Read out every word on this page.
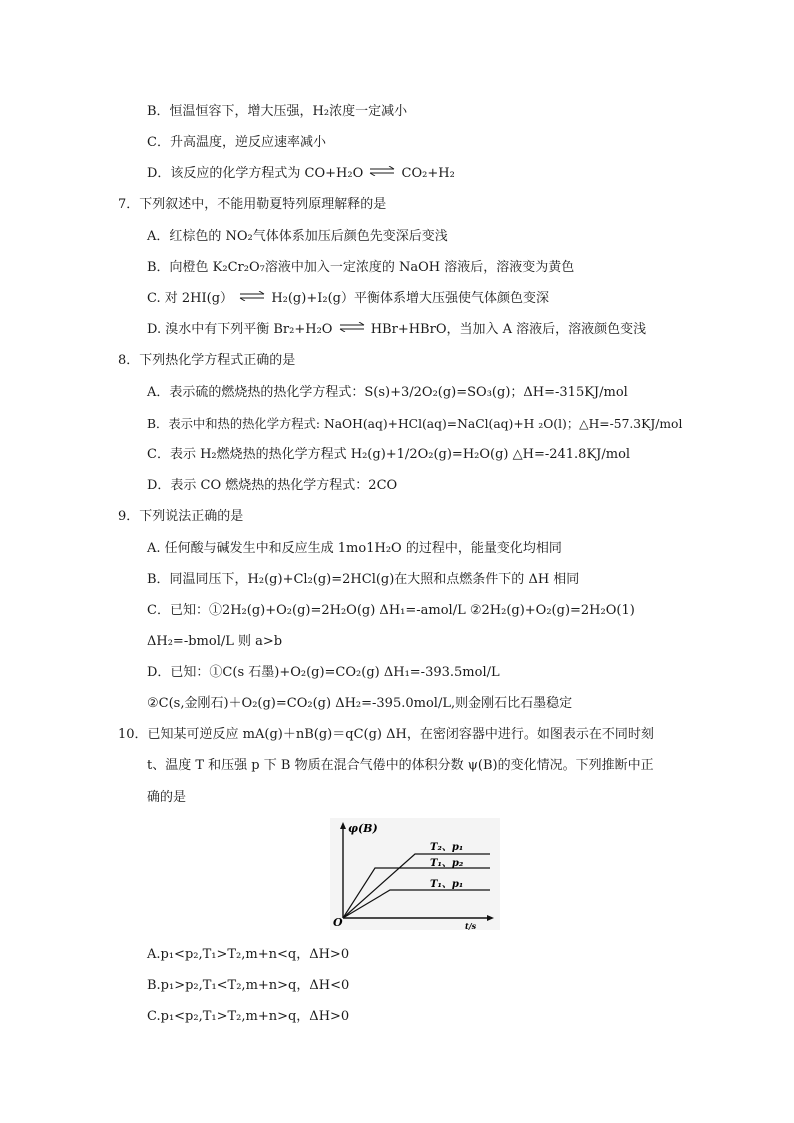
B．恒温恒容下，增大压强，H₂浓度一定减小
C．升高温度，逆反应速率减小
D．该反应的化学方程式为 CO+H₂O ⇌ CO₂+H₂
7．下列叙述中，不能用勒夏特列原理解释的是
A．红棕色的 NO₂气体体系加压后颜色先变深后变浅
B．向橙色 K₂Cr₂O₇溶液中加入一定浓度的 NaOH 溶液后，溶液变为黄色
C. 对 2HI(g） ⇌ H₂(g)+I₂(g）平衡体系增大压强使气体颜色变深
D. 溴水中有下列平衡 Br₂+H₂O ⇌ HBr+HBrO，当加入 A 溶液后，溶液颜色变浅
8．下列热化学方程式正确的是
A．表示硫的燃烧热的热化学方程式：S(s)+3/2O₂(g)=SO₃(g)；ΔH=-315KJ/mol
B．表示中和热的热化学方程式: NaOH(aq)+HCl(aq)=NaCl(aq)+H ₂O(l)；△H=-57.3KJ/mol
C．表示 H₂燃烧热的热化学方程式 H₂(g)+1/2O₂(g)=H₂O(g) △H=-241.8KJ/mol
D．表示 CO 燃烧热的热化学方程式：2CO
9．下列说法正确的是
A. 任何酸与碱发生中和反应生成 1mo1H₂O 的过程中，能量变化均相同
B．同温同压下，H₂(g)+Cl₂(g)=2HCl(g)在大照和点燃条件下的 ΔH 相同
C．已知：①2H₂(g)+O₂(g)=2H₂O(g) ΔH₁=-amol/L ②2H₂(g)+O₂(g)=2H₂O(1)
ΔH₂=-bmol/L 则 a>b
D．已知：①C(s 石墨)+O₂(g)=CO₂(g) ΔH₁=-393.5mol/L
②C(s,金刚石)＋O₂(g)=CO₂(g) ΔH₂=-395.0mol/L,则金刚石比石墨稳定
10．已知某可逆反应 mA(g)＋nB(g)＝qC(g) ΔH，在密闭容器中进行。如图表示在不同时刻
t、温度 T 和压强 p 下 B 物质在混合气倦中的体积分数 ψ(B)的变化情况。下列推断中正
确的是
φ(B)
O	t/s
T₂、p₁
T₁、p₂
T₁、p₁
A.p₁<p₂,T₁>T₂,m+n<q，ΔH>0
B.p₁>p₂,T₁<T₂,m+n>q，ΔH<0
C.p₁<p₂,T₁>T₂,m+n>q，ΔH>0
